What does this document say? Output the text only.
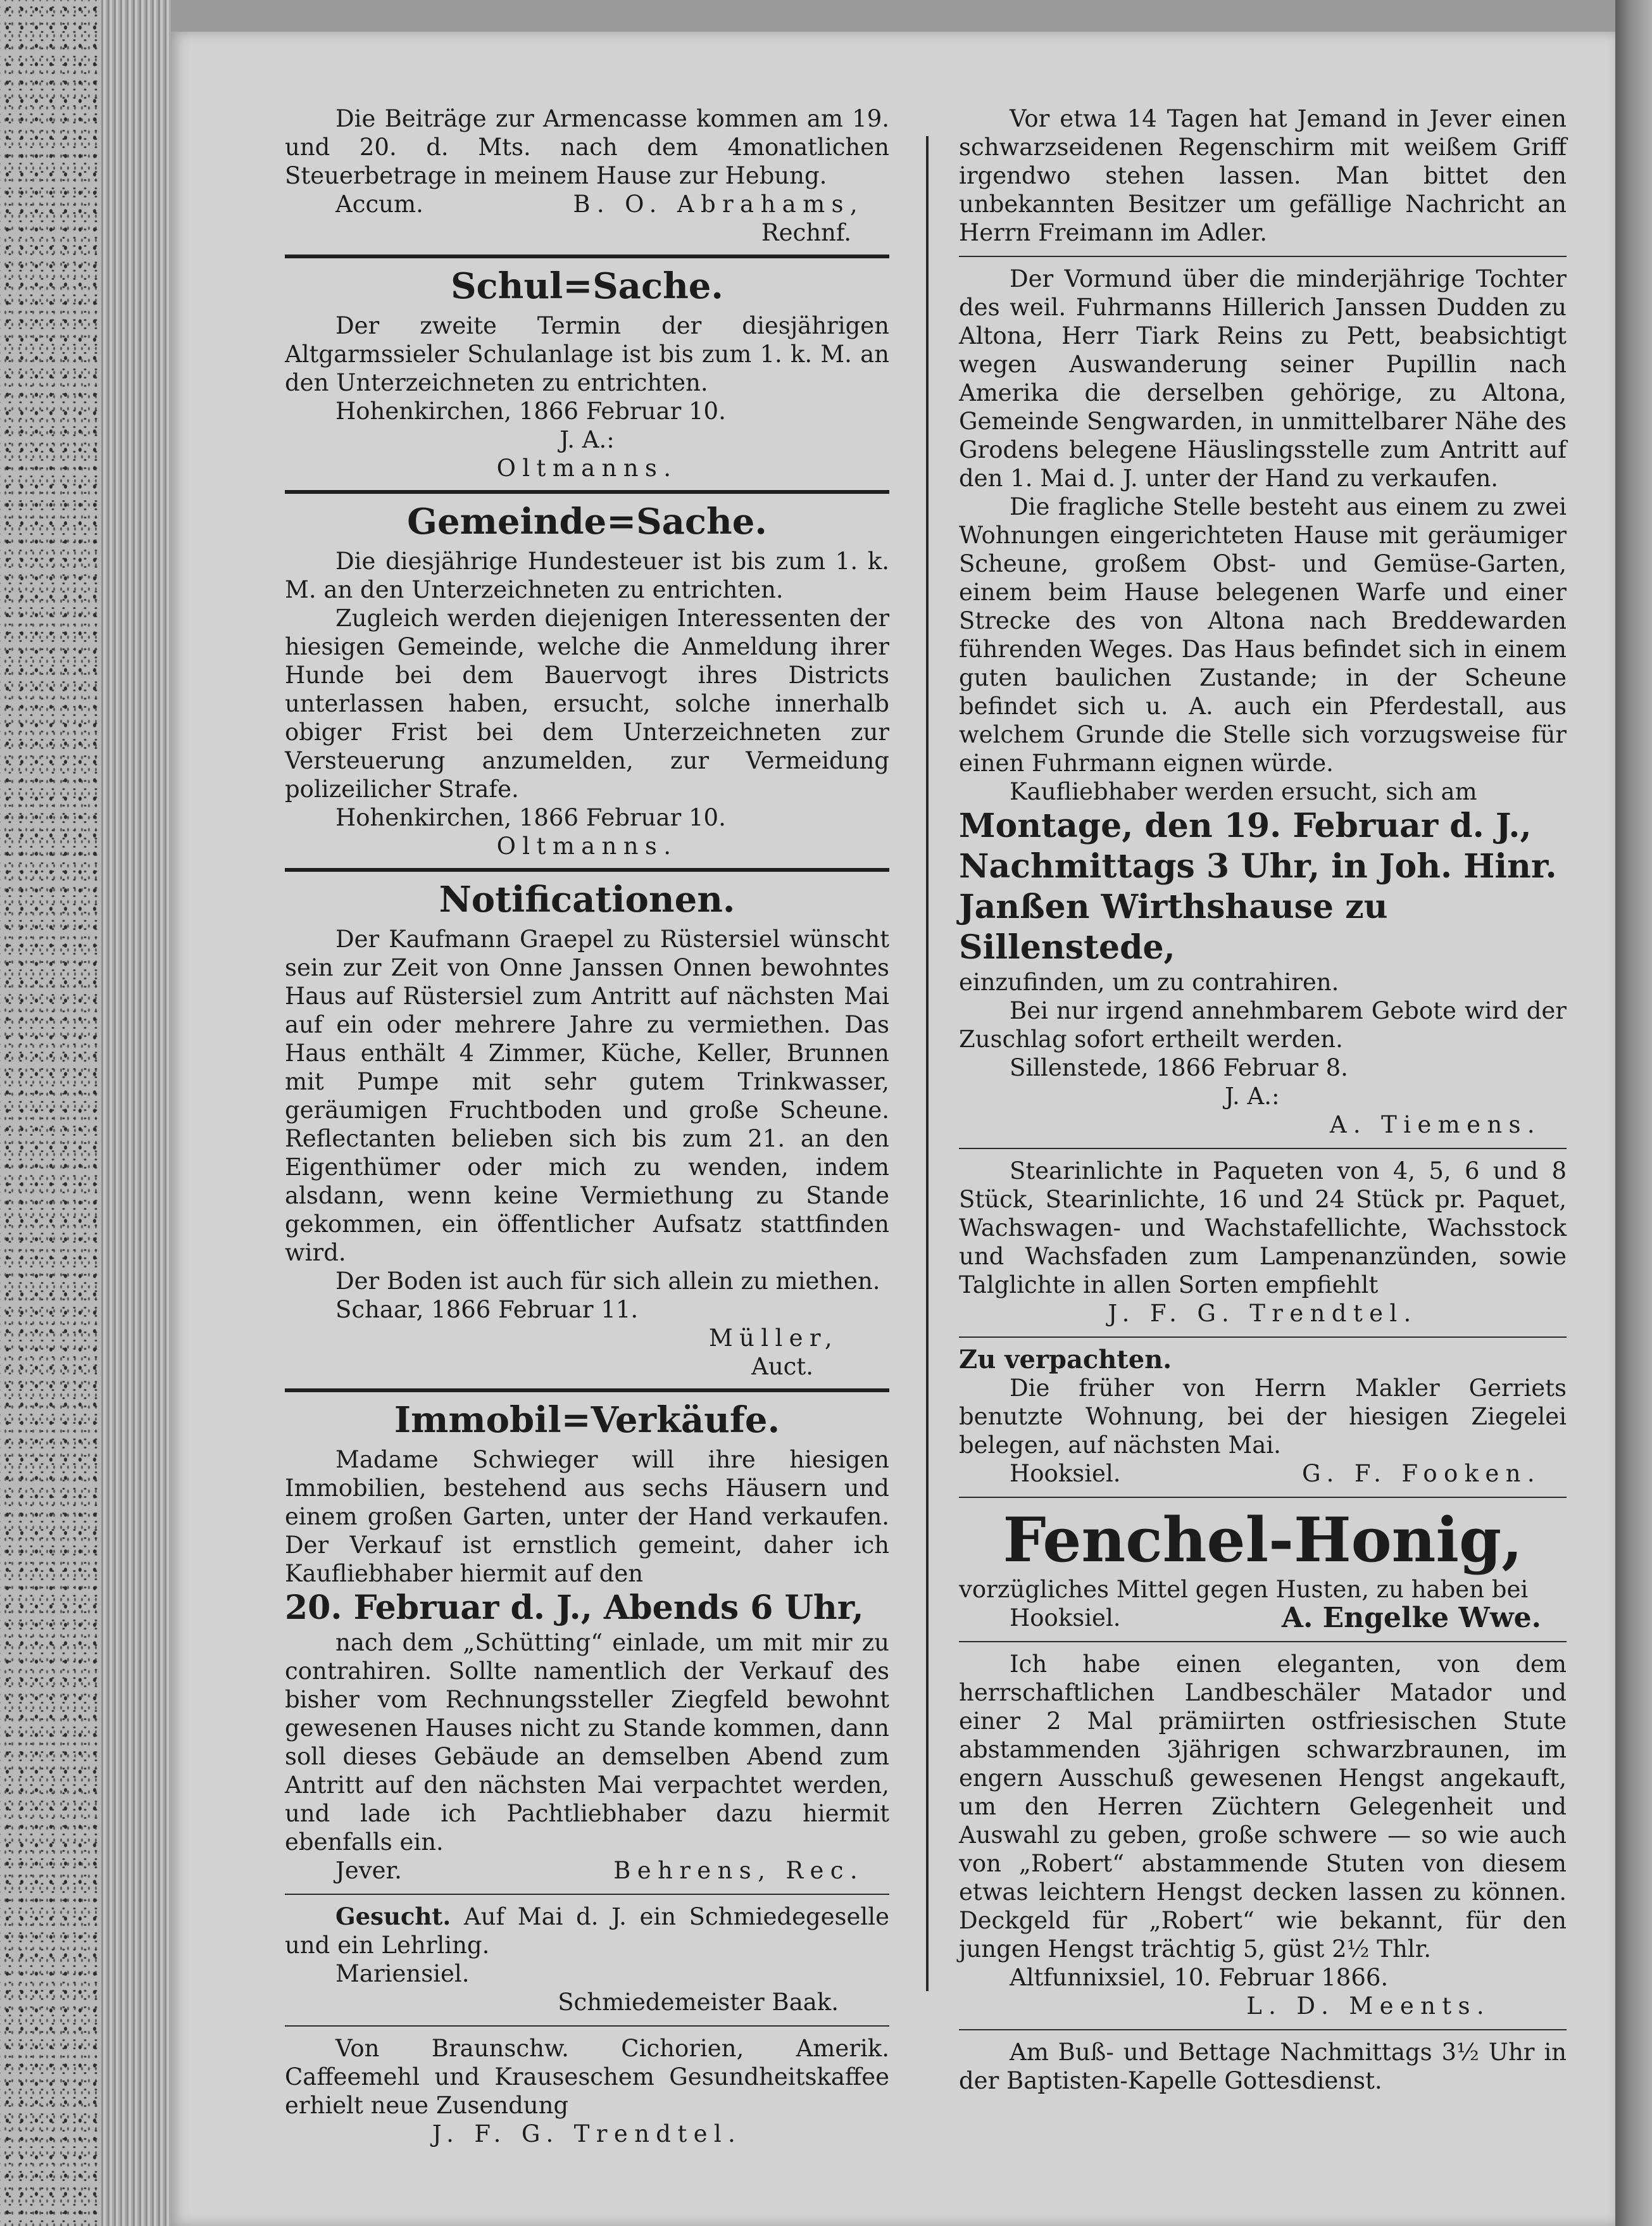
Die Beiträge zur Armencasse kommen am 19. und 20. d. Mts. nach dem 4monatlichen Steuerbetrage in meinem Hause zur Hebung.

Accum.	B. O. Abrahams,

Rechnf.

Schul=Sache.

Der zweite Termin der diesjährigen Altgarmssieler Schulanlage ist bis zum 1. k. M. an den Unterzeichneten zu entrichten.

Hohenkirchen, 1866 Februar 10.

J. A.:

Oltmanns.

Gemeinde=Sache.

Die diesjährige Hundesteuer ist bis zum 1. k. M. an den Unterzeichneten zu entrichten.

Zugleich werden diejenigen Interessenten der hiesigen Gemeinde, welche die Anmeldung ihrer Hunde bei dem Bauervogt ihres Districts unterlassen haben, ersucht, solche innerhalb obiger Frist bei dem Unterzeichneten zur Versteuerung anzumelden, zur Vermeidung polizeilicher Strafe.

Hohenkirchen, 1866 Februar 10.

Oltmanns.

Notificationen.

Der Kaufmann Graepel zu Rüstersiel wünscht sein zur Zeit von Onne Janssen Onnen bewohntes Haus auf Rüstersiel zum Antritt auf nächsten Mai auf ein oder mehrere Jahre zu vermiethen. Das Haus enthält 4 Zimmer, Küche, Keller, Brunnen mit Pumpe mit sehr gutem Trinkwasser, geräumigen Fruchtboden und große Scheune. Reflectanten belieben sich bis zum 21. an den Eigenthümer oder mich zu wenden, indem alsdann, wenn keine Vermiethung zu Stande gekommen, ein öffentlicher Aufsatz stattfinden wird.

Der Boden ist auch für sich allein zu miethen.

Schaar, 1866 Februar 11.

Müller,

Auct.

Immobil=Verkäufe.

Madame Schwieger will ihre hiesigen Immobilien, bestehend aus sechs Häusern und einem großen Garten, unter der Hand verkaufen. Der Verkauf ist ernstlich gemeint, daher ich Kaufliebhaber hiermit auf den

20. Februar d. J., Abends 6 Uhr,

nach dem „Schütting“ einlade, um mit mir zu contrahiren. Sollte namentlich der Verkauf des bisher vom Rechnungssteller Ziegfeld bewohnt gewesenen Hauses nicht zu Stande kommen, dann soll dieses Gebäude an demselben Abend zum Antritt auf den nächsten Mai verpachtet werden, und lade ich Pachtliebhaber dazu hiermit ebenfalls ein.

Jever.	Behrens, Rec.

Gesucht. Auf Mai d. J. ein Schmiedegeselle und ein Lehrling.

Mariensiel.

Schmiedemeister Baak.

Von Braunschw. Cichorien, Amerik. Caffeemehl und Krauseschem Gesundheitskaffee erhielt neue Zusendung

J. F. G. Trendtel.

Vor etwa 14 Tagen hat Jemand in Jever einen schwarzseidenen Regenschirm mit weißem Griff irgendwo stehen lassen. Man bittet den unbekannten Besitzer um gefällige Nachricht an Herrn Freimann im Adler.

Der Vormund über die minderjährige Tochter des weil. Fuhrmanns Hillerich Janssen Dudden zu Altona, Herr Tiark Reins zu Pett, beabsichtigt wegen Auswanderung seiner Pupillin nach Amerika die derselben gehörige, zu Altona, Gemeinde Sengwarden, in unmittelbarer Nähe des Grodens belegene Häuslingsstelle zum Antritt auf den 1. Mai d. J. unter der Hand zu verkaufen.

Die fragliche Stelle besteht aus einem zu zwei Wohnungen eingerichteten Hause mit geräumiger Scheune, großem Obst- und Gemüse-Garten, einem beim Hause belegenen Warfe und einer Strecke des von Altona nach Breddewarden führenden Weges. Das Haus befindet sich in einem guten baulichen Zustande; in der Scheune befindet sich u. A. auch ein Pferdestall, aus welchem Grunde die Stelle sich vorzugsweise für einen Fuhrmann eignen würde.

Kaufliebhaber werden ersucht, sich am

Montage, den 19. Februar d. J., Nachmittags 3 Uhr, in Joh. Hinr. Janßen Wirthshause zu Sillenstede,

einzufinden, um zu contrahiren.

Bei nur irgend annehmbarem Gebote wird der Zuschlag sofort ertheilt werden.

Sillenstede, 1866 Februar 8.

J. A.:

A. Tiemens.

Stearinlichte in Paqueten von 4, 5, 6 und 8 Stück, Stearinlichte, 16 und 24 Stück pr. Paquet, Wachswagen- und Wachstafellichte, Wachsstock und Wachsfaden zum Lampenanzünden, sowie Talglichte in allen Sorten empfiehlt

J. F. G. Trendtel.

Zu verpachten.

Die früher von Herrn Makler Gerriets benutzte Wohnung, bei der hiesigen Ziegelei belegen, auf nächsten Mai.

Hooksiel.	G. F. Fooken.
Fenchel-Honig,

vorzügliches Mittel gegen Husten, zu haben bei

Hooksiel.	A. Engelke Wwe.

Ich habe einen eleganten, von dem herrschaftlichen Landbeschäler Matador und einer 2 Mal prämiirten ostfriesischen Stute abstammenden 3jährigen schwarzbraunen, im engern Ausschuß gewesenen Hengst angekauft, um den Herren Züchtern Gelegenheit und Auswahl zu geben, große schwere — so wie auch von „Robert“ abstammende Stuten von diesem etwas leichtern Hengst decken lassen zu können. Deckgeld für „Robert“ wie bekannt, für den jungen Hengst trächtig 5, güst 2½ Thlr.

Altfunnixsiel, 10. Februar 1866.

L. D. Meents.

Am Buß- und Bettage Nachmittags 3½ Uhr in der Baptisten-Kapelle Gottesdienst.
